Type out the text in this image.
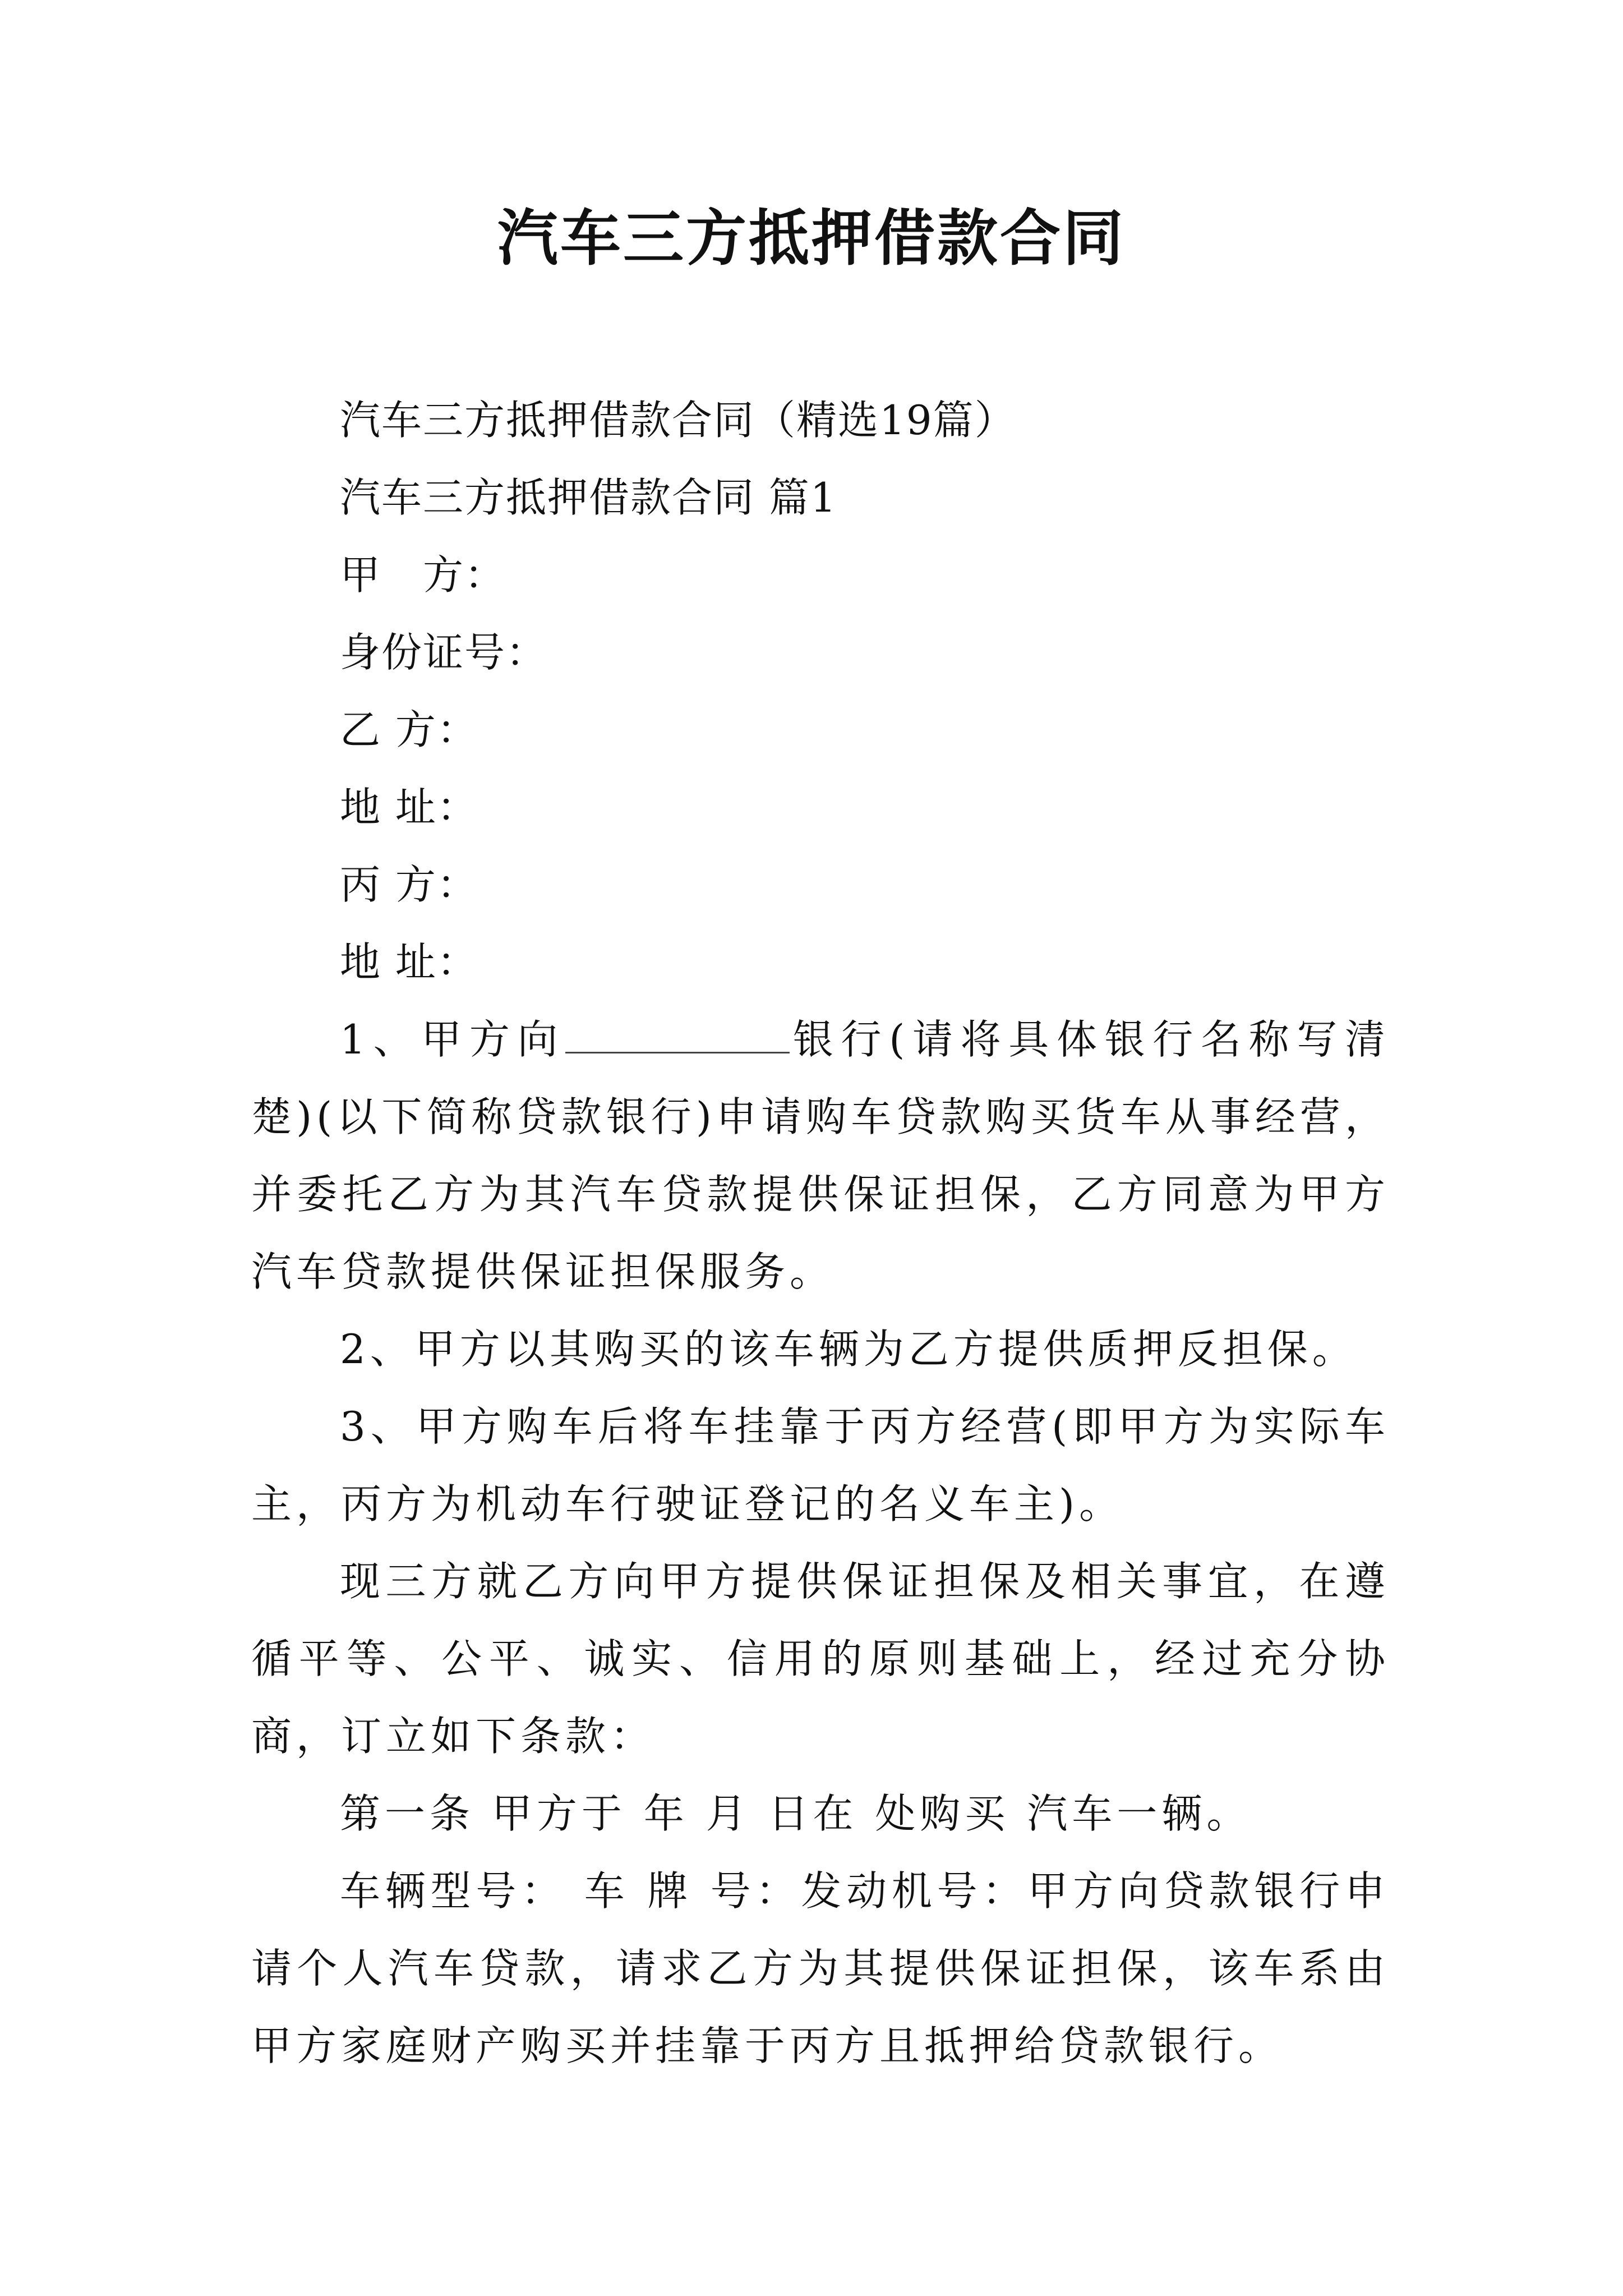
汽车三方抵押借款合同
汽车三方抵押借款合同（精选19篇）
汽车三方抵押借款合同 篇1
甲　方：
身份证号：
乙 方：
地 址：
丙 方：
地 址：
1、甲方向	银行(请将具体银行名称写清楚)(以下简称贷款银行)申请购车贷款购买货车从事经营，并委托乙方为其汽车贷款提供保证担保，乙方同意为甲方汽车贷款提供保证担保服务。
2、甲方以其购买的该车辆为乙方提供质押反担保。
3、甲方购车后将车挂靠于丙方经营(即甲方为实际车主，丙方为机动车行驶证登记的名义车主)。
现三方就乙方向甲方提供保证担保及相关事宜，在遵循平等、公平、诚实、信用的原则基础上，经过充分协商，订立如下条款：
第一条 甲方于 年 月 日在 处购买 汽车一辆。
车辆型号： 车 牌 号：发动机号：甲方向贷款银行申请个人汽车贷款，请求乙方为其提供保证担保，该车系由甲方家庭财产购买并挂靠于丙方且抵押给贷款银行。
